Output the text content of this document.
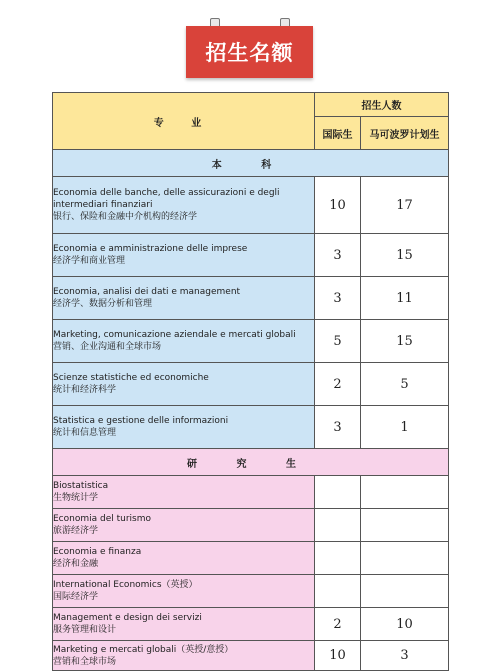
招生名额
专 业	招生人数	
	国际生	马可波罗计划生
本 科		

Economia delle banche, delle assicurazioni e degli intermediari finanziari
银行、保险和金融中介机构的经济学	10	17

Economia e amministrazione delle imprese
经济学和商业管理	3	15

Economia, analisi dei dati e management
经济学、数据分析和管理	3	11

Marketing, comunicazione aziendale e mercati globali
营销、企业沟通和全球市场	5	15

Scienze statistiche ed economiche
统计和经济科学	2	5

Statistica e gestione delle informazioni
统计和信息管理	3	1
研 究 生		

Biostatistica
生物统计学		

Economia del turismo
旅游经济学		

Economia e finanza
经济和金融		

International Economics（英授）
国际经济学		

Management e design dei servizi
服务管理和设计	2	10

Marketing e mercati globali（英授/意授）
营销和全球市场	10	3
